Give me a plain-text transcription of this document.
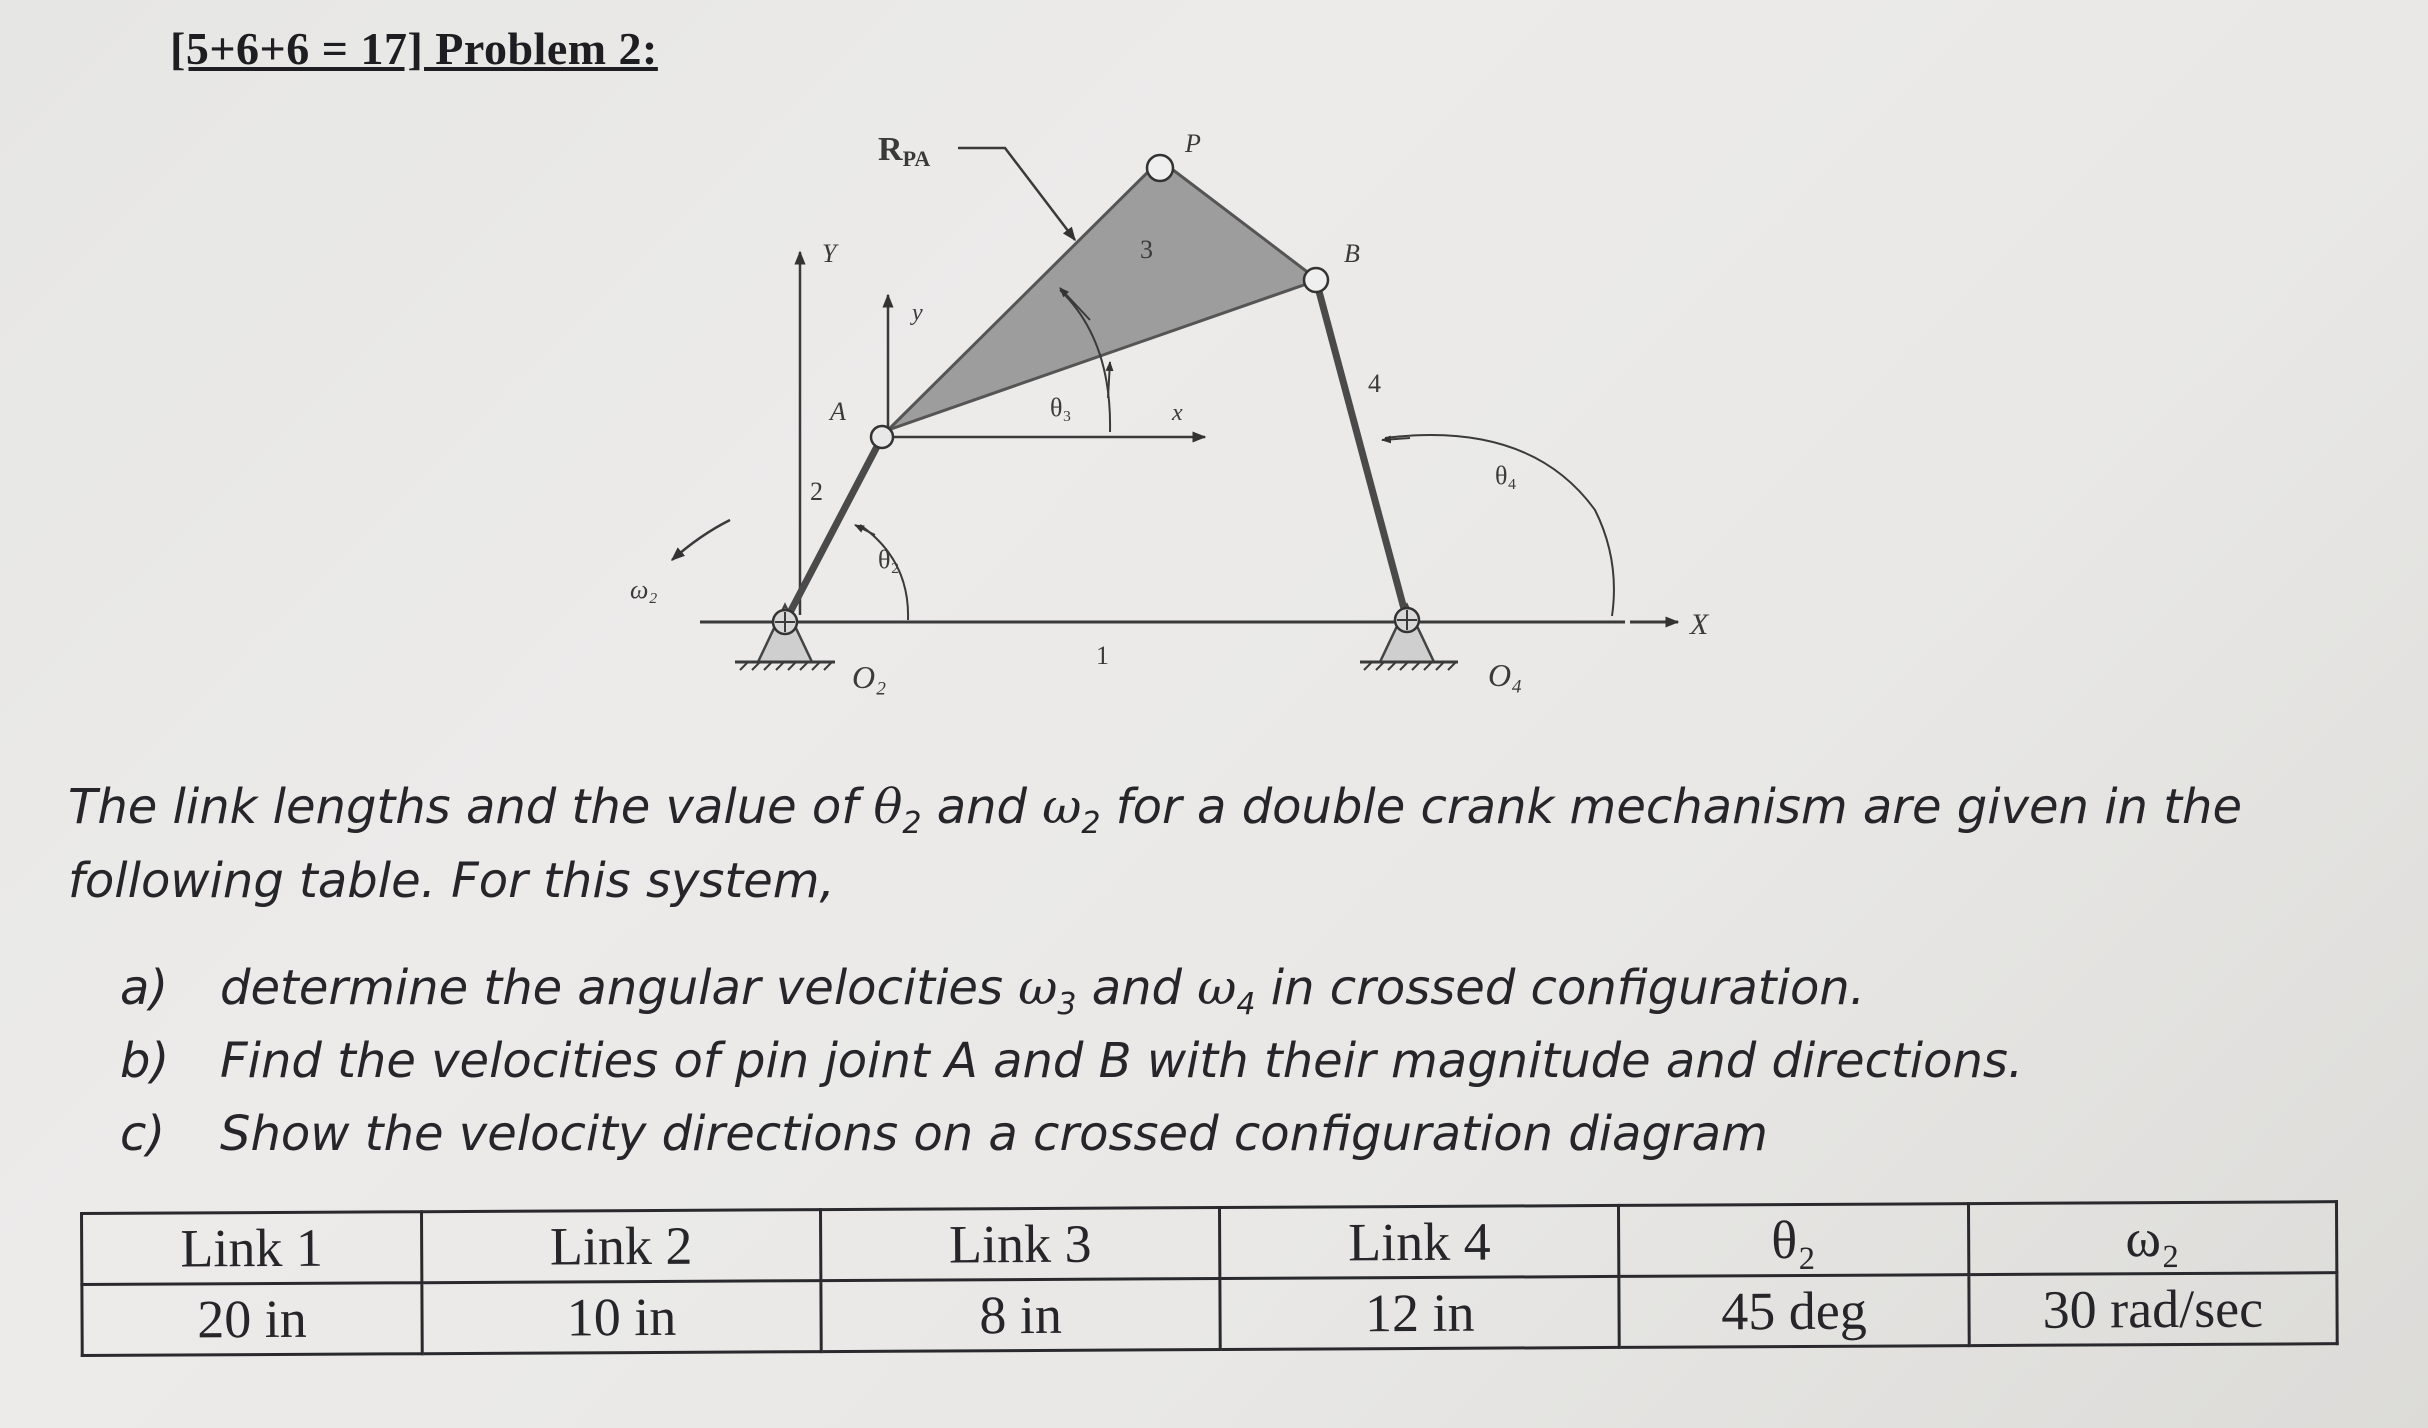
[5+6+6 = 17] Problem 2:
RPA
P
3	B
Y
y
A	θ₃	x
4
θ₄
2
θ₂
ω₂
O₂
1
O₄
X
The link lengths and the value of $\theta_2$ and $\omega_2$ for a double crank mechanism are given in the
following table. For this system,
a)	determine the angular velocities $\omega_3$ and $\omega_4$ in crossed configuration.
b)	Find the velocities of pin joint A and B with their magnitude and directions.
c)	Show the velocity directions on a crossed configuration diagram
Link 1	Link 2	Link 3	Link 4	θ₂	ω₂
20 in	10 in	8 in	12 in	45 deg	30 rad/sec
